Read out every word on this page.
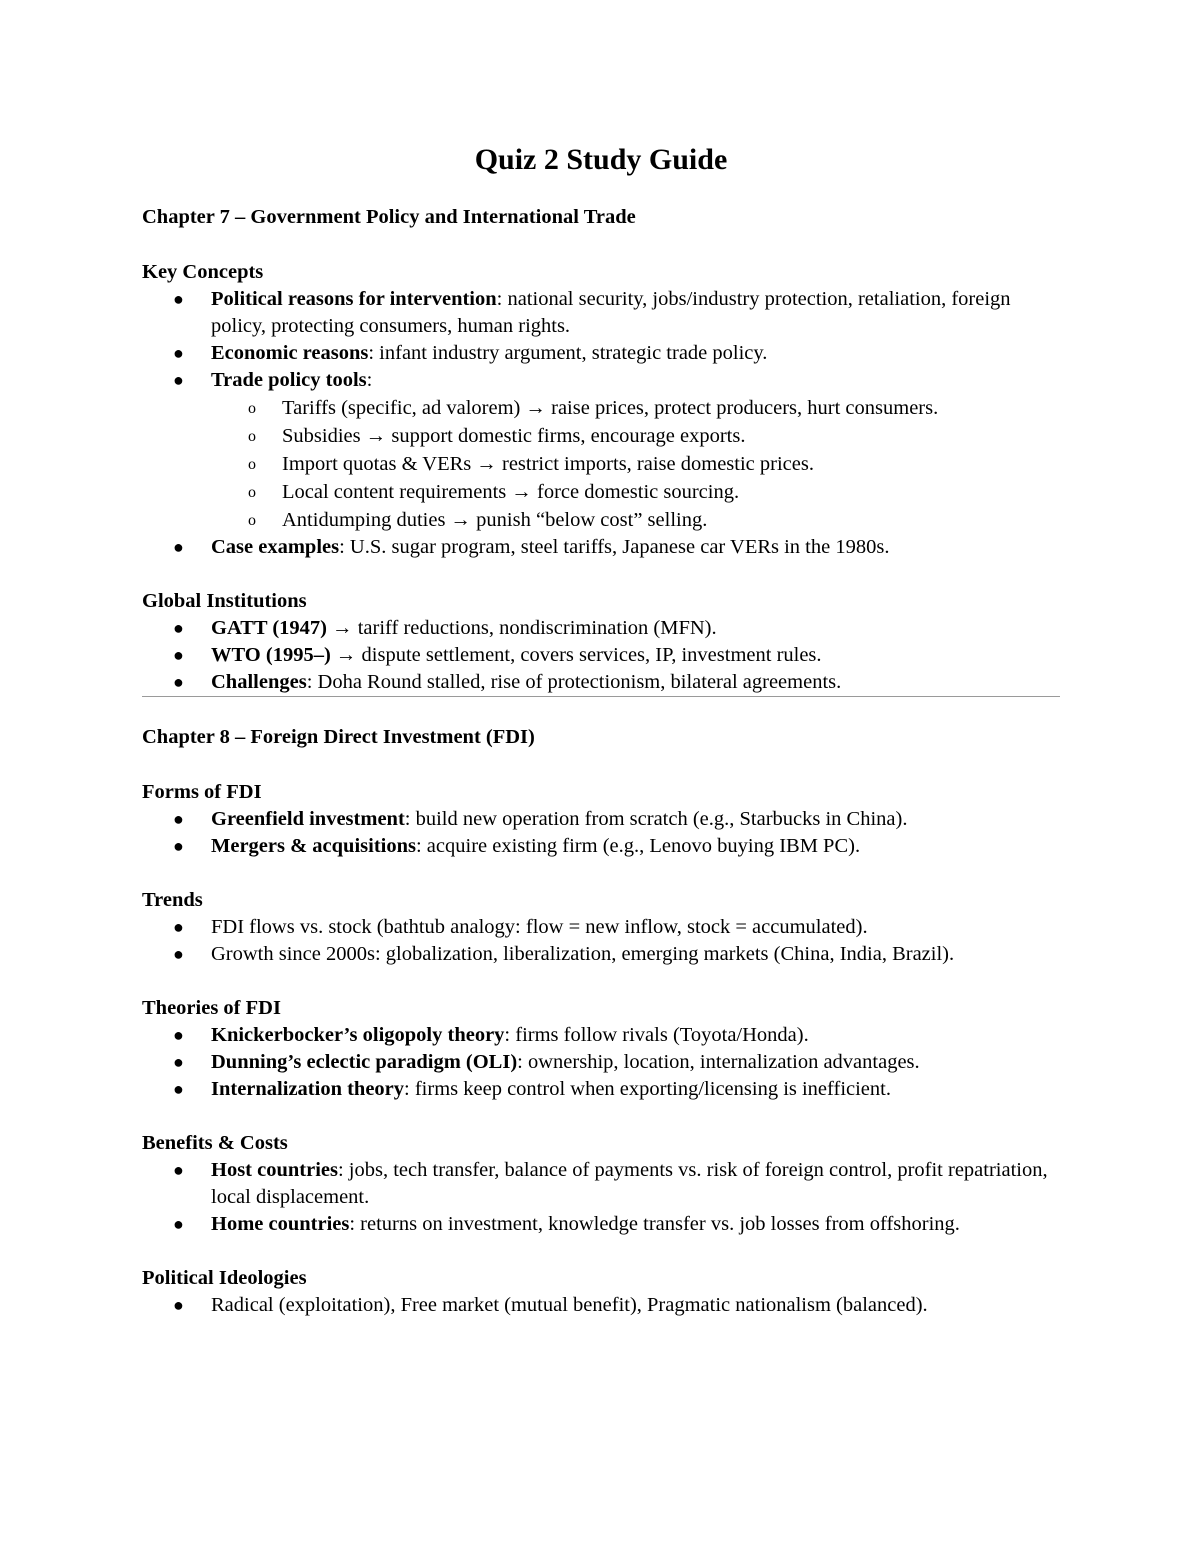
Quiz 2 Study Guide
Chapter 7 – Government Policy and International Trade
Key Concepts
● Political reasons for intervention: national security, jobs/industry protection, retaliation, foreign policy, protecting consumers, human rights.
● Economic reasons: infant industry argument, strategic trade policy.
● Trade policy tools:
o Tariffs (specific, ad valorem) → raise prices, protect producers, hurt consumers.
o Subsidies → support domestic firms, encourage exports.
o Import quotas & VERs → restrict imports, raise domestic prices.
o Local content requirements → force domestic sourcing.
o Antidumping duties → punish “below cost” selling.
● Case examples: U.S. sugar program, steel tariffs, Japanese car VERs in the 1980s.
Global Institutions
● GATT (1947) → tariff reductions, nondiscrimination (MFN).
● WTO (1995–) → dispute settlement, covers services, IP, investment rules.
● Challenges: Doha Round stalled, rise of protectionism, bilateral agreements.
Chapter 8 – Foreign Direct Investment (FDI)
Forms of FDI
● Greenfield investment: build new operation from scratch (e.g., Starbucks in China).
● Mergers & acquisitions: acquire existing firm (e.g., Lenovo buying IBM PC).
Trends
● FDI flows vs. stock (bathtub analogy: flow = new inflow, stock = accumulated).
● Growth since 2000s: globalization, liberalization, emerging markets (China, India, Brazil).
Theories of FDI
● Knickerbocker’s oligopoly theory: firms follow rivals (Toyota/Honda).
● Dunning’s eclectic paradigm (OLI): ownership, location, internalization advantages.
● Internalization theory: firms keep control when exporting/licensing is inefficient.
Benefits & Costs
● Host countries: jobs, tech transfer, balance of payments vs. risk of foreign control, profit repatriation, local displacement.
● Home countries: returns on investment, knowledge transfer vs. job losses from offshoring.
Political Ideologies
● Radical (exploitation), Free market (mutual benefit), Pragmatic nationalism (balanced).
